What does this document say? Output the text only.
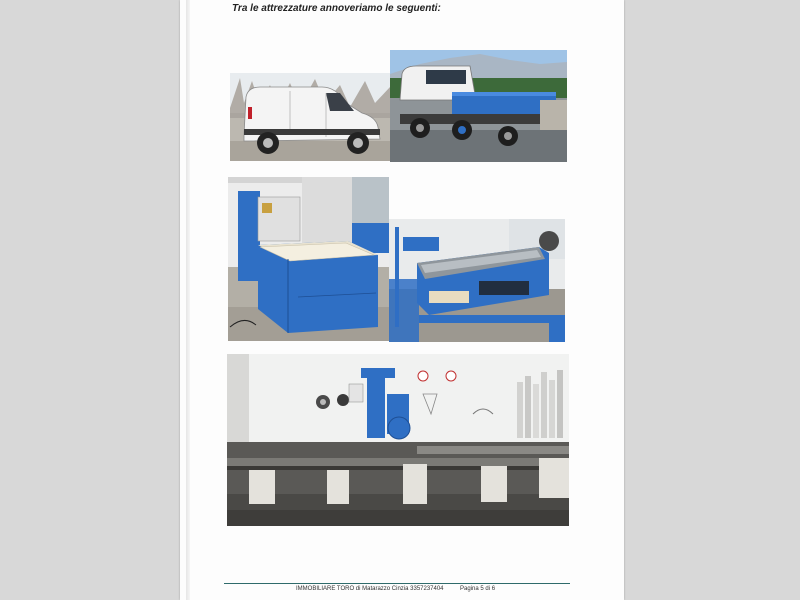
Tra le attrezzature annoveriamo le seguenti:
IMMOBILIARE TORO di Matarazzo Cinzia 3357237404	Pagina 5 di 6
